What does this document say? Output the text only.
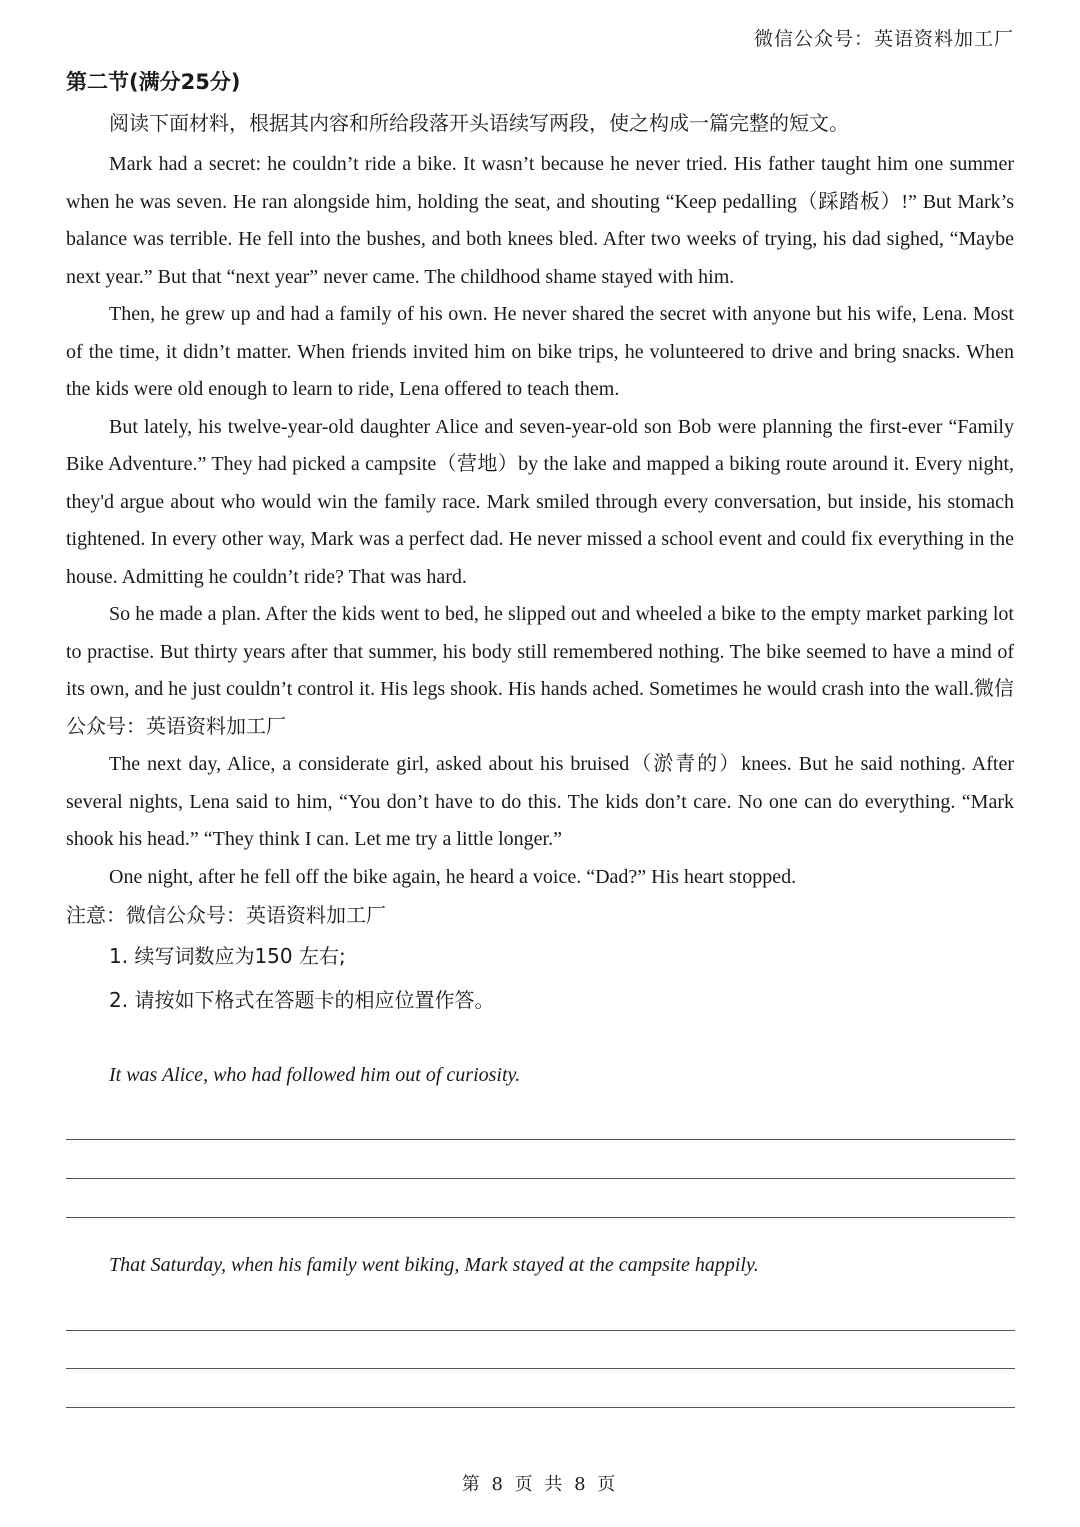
微信公众号：英语资料加工厂
第二节(满分25分)

阅读下面材料，根据其内容和所给段落开头语续写两段，使之构成一篇完整的短文。

Mark had a secret: he couldn’t ride a bike. It wasn’t because he never tried. His father taught him one summer when he was seven. He ran alongside him, holding the seat, and shouting “Keep pedalling（踩踏板）!” But Mark’s balance was terrible. He fell into the bushes, and both knees bled. After two weeks of trying, his dad sighed, “Maybe next year.” But that “next year” never came. The childhood shame stayed with him.

Then, he grew up and had a family of his own. He never shared the secret with anyone but his wife, Lena. Most of the time, it didn’t matter. When friends invited him on bike trips, he volunteered to drive and bring snacks. When the kids were old enough to learn to ride, Lena offered to teach them.

But lately, his twelve-year-old daughter Alice and seven-year-old son Bob were planning the first-ever “Family Bike Adventure.” They had picked a campsite（营地）by the lake and mapped a biking route around it. Every night, they'd argue about who would win the family race. Mark smiled through every conversation, but inside, his stomach tightened. In every other way, Mark was a perfect dad. He never missed a school event and could fix everything in the house. Admitting he couldn’t ride? That was hard.

So he made a plan. After the kids went to bed, he slipped out and wheeled a bike to the empty market parking lot to practise. But thirty years after that summer, his body still remembered nothing. The bike seemed to have a mind of its own, and he just couldn’t control it. His legs shook. His hands ached. Sometimes he would crash into the wall.微信公众号：英语资料加工厂

The next day, Alice, a considerate girl, asked about his bruised（淤青的）knees. But he said nothing. After several nights, Lena said to him, “You don’t have to do this. The kids don’t care. No one can do everything. “Mark shook his head.” “They think I can. Let me try a little longer.”

One night, after he fell off the bike again, he heard a voice. “Dad?” His heart stopped.

注意：微信公众号：英语资料加工厂

1. 续写词数应为150 左右;

2. 请按如下格式在答题卡的相应位置作答。

It was Alice, who had followed him out of curiosity.
That Saturday, when his family went biking, Mark stayed at the campsite happily.
第 8 页 共 8 页
